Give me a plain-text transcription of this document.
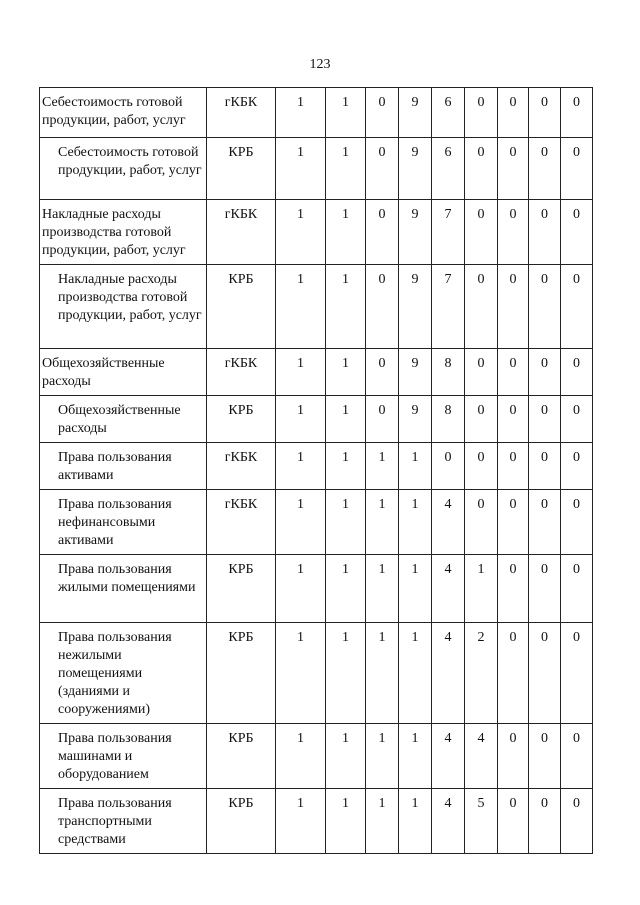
123
Себестоимость готовой продукции, работ, услуг	гКБК	1	1	0	9	6	0	0	0	0
Себестоимость готовой продукции, работ, услуг	КРБ	1	1	0	9	6	0	0	0	0
Накладные расходы производства готовой продукции, работ, услуг	гКБК	1	1	0	9	7	0	0	0	0
Накладные расходы производства готовой продукции, работ, услуг	КРБ	1	1	0	9	7	0	0	0	0
Общехозяйственные расходы	гКБК	1	1	0	9	8	0	0	0	0
Общехозяйственные расходы	КРБ	1	1	0	9	8	0	0	0	0
Права пользования активами	гКБК	1	1	1	1	0	0	0	0	0
Права пользования нефинансовыми активами	гКБК	1	1	1	1	4	0	0	0	0
Права пользования жилыми помещениями	КРБ	1	1	1	1	4	1	0	0	0
Права пользования нежилыми помещениями (зданиями и сооружениями)	КРБ	1	1	1	1	4	2	0	0	0
Права пользования машинами и оборудованием	КРБ	1	1	1	1	4	4	0	0	0
Права пользования транспортными средствами	КРБ	1	1	1	1	4	5	0	0	0
